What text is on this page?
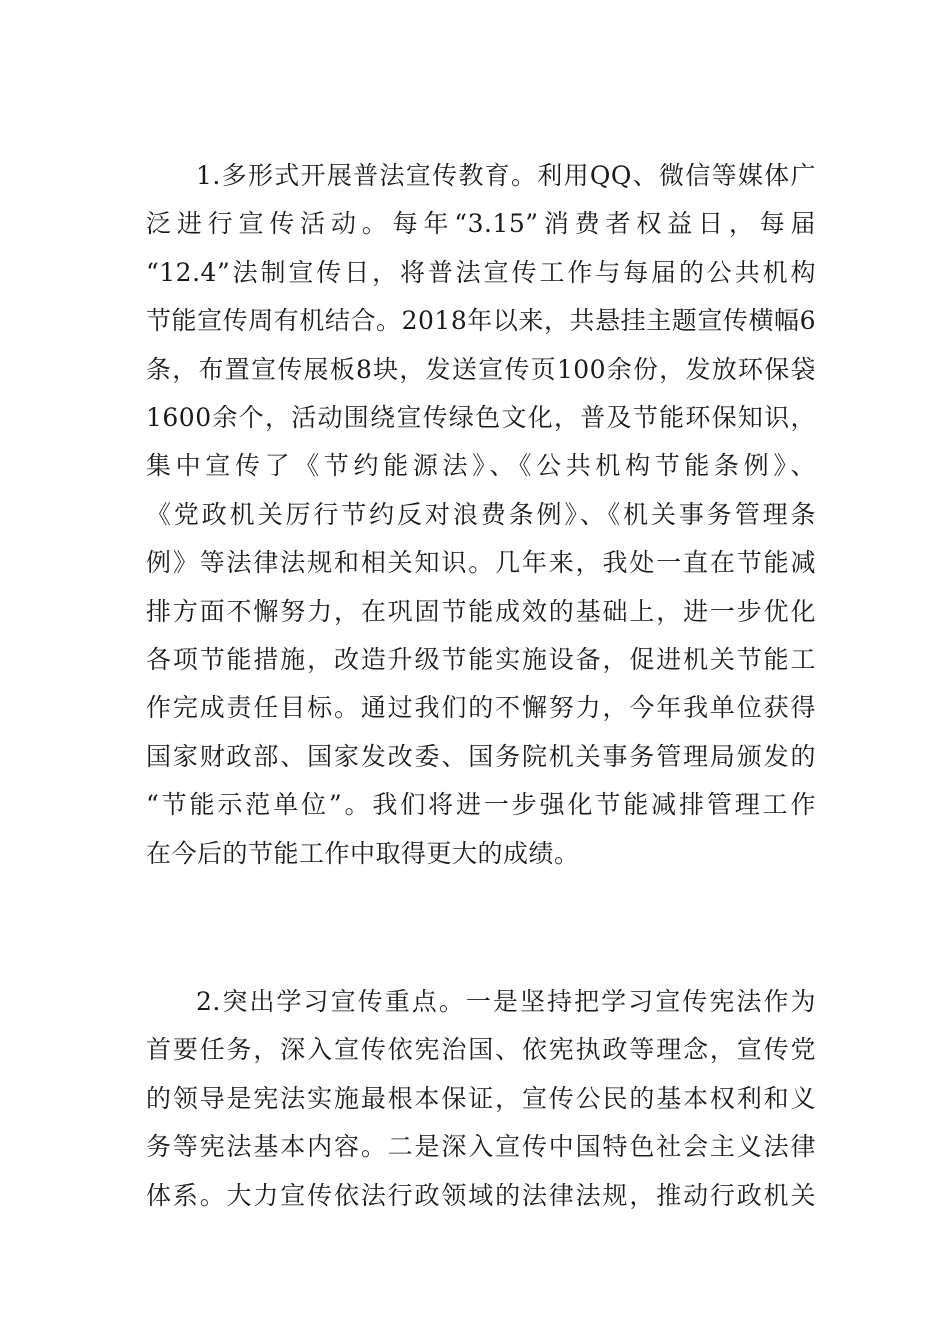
1.多形式开展普法宣传教育。利用QQ、微信等媒体广
泛进行宣传活动。每年“3.15”消费者权益日，每届
“12.4”法制宣传日，将普法宣传工作与每届的公共机构
节能宣传周有机结合。2018年以来，共悬挂主题宣传横幅6
条，布置宣传展板8块，发送宣传页100余份，发放环保袋
1600余个，活动围绕宣传绿色文化，普及节能环保知识，
集中宣传了《节约能源法》、《公共机构节能条例》、
《党政机关厉行节约反对浪费条例》、《机关事务管理条
例》等法律法规和相关知识。几年来，我处一直在节能减
排方面不懈努力，在巩固节能成效的基础上，进一步优化
各项节能措施，改造升级节能实施设备，促进机关节能工
作完成责任目标。通过我们的不懈努力，今年我单位获得
国家财政部、国家发改委、国务院机关事务管理局颁发的
“节能示范单位”。我们将进一步强化节能减排管理工作
在今后的节能工作中取得更大的成绩。

2.突出学习宣传重点。一是坚持把学习宣传宪法作为
首要任务，深入宣传依宪治国、依宪执政等理念，宣传党
的领导是宪法实施最根本保证，宣传公民的基本权利和义
务等宪法基本内容。二是深入宣传中国特色社会主义法律
体系。大力宣传依法行政领域的法律法规，推动行政机关
